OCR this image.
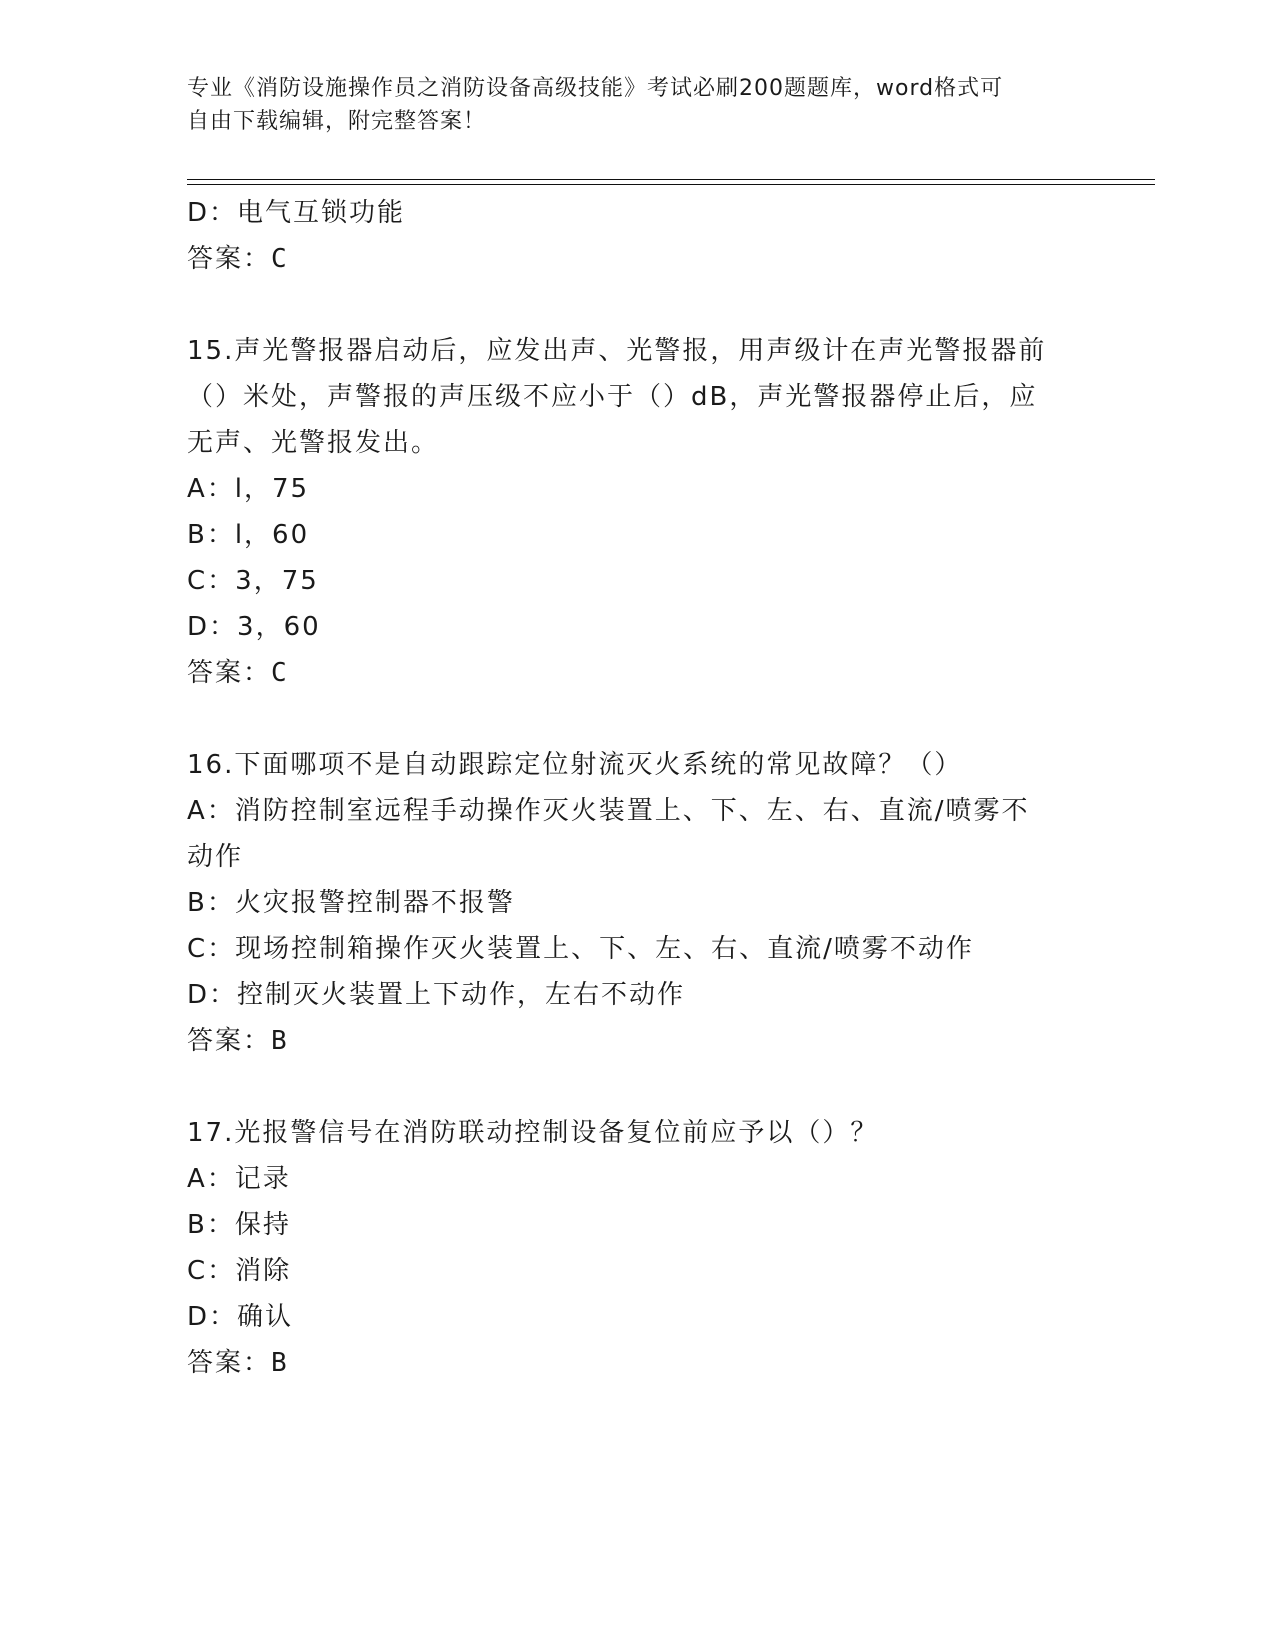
专业《消防设施操作员之消防设备高级技能》考试必刷200题题库，word格式可
自由下载编辑，附完整答案！

D：电气互锁功能

答案：C

15.声光警报器启动后，应发出声、光警报，用声级计在声光警报器前

（）米处，声警报的声压级不应小于（）dB，声光警报器停止后，应

无声、光警报发出。

A：l，75

B：l，60

C：3，75

D：3，60

答案：C

16.下面哪项不是自动跟踪定位射流灭火系统的常见故障？（）

A：消防控制室远程手动操作灭火装置上、下、左、右、直流/喷雾不

动作

B：火灾报警控制器不报警

C：现场控制箱操作灭火装置上、下、左、右、直流/喷雾不动作

D：控制灭火装置上下动作，左右不动作

答案：B

17.光报警信号在消防联动控制设备复位前应予以（）？

A：记录

B：保持

C：消除

D：确认

答案：B
